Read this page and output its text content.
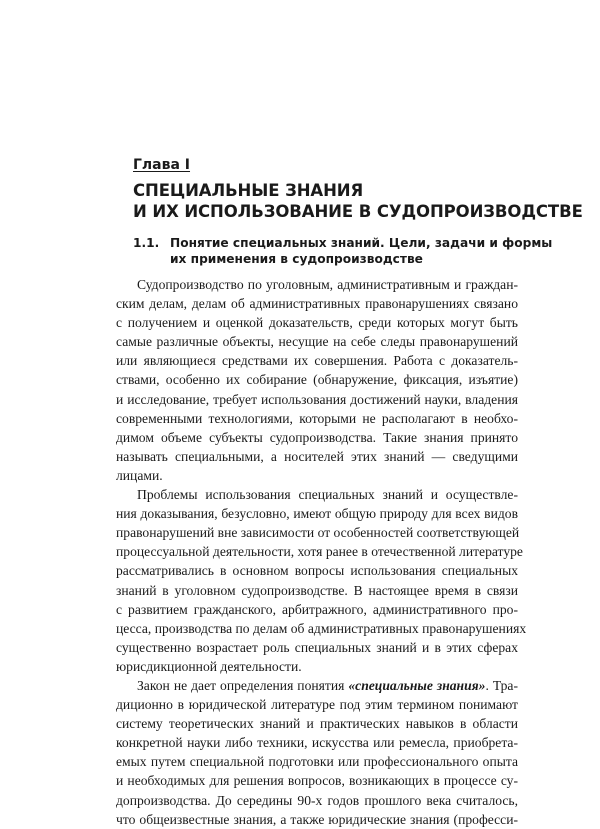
Глава I
СПЕЦИАЛЬНЫЕ ЗНАНИЯ
И ИХ ИСПОЛЬЗОВАНИЕ В СУДОПРОИЗВОДСТВЕ
1.1. Понятие специальных знаний. Цели, задачи и формы
их применения в судопроизводстве

Судопроизводство по уголовным, административным и граждан-
ским делам, делам об административных правонарушениях связано
с получением и оценкой доказательств, среди которых могут быть
самые различные объекты, несущие на себе следы правонарушений
или являющиеся средствами их совершения. Работа с доказатель-
ствами, особенно их собирание (обнаружение, фиксация, изъятие)
и исследование, требует использования достижений науки, владения
современными технологиями, которыми не располагают в необхо-
димом объеме субъекты судопроизводства. Такие знания принято
называть специальными, а носителей этих знаний — сведущими
лицами.

Проблемы использования специальных знаний и осуществле-
ния доказывания, безусловно, имеют общую природу для всех видов
правонарушений вне зависимости от особенностей соответствующей
процессуальной деятельности, хотя ранее в отечественной литературе
рассматривались в основном вопросы использования специальных
знаний в уголовном судопроизводстве. В настоящее время в связи
с развитием гражданского, арбитражного, административного про-
цесса, производства по делам об административных правонарушениях
существенно возрастает роль специальных знаний и в этих сферах
юрисдикционной деятельности.

Закон не дает определения понятия «специальные знания». Тра-
диционно в юридической литературе под этим термином понимают
систему теоретических знаний и практических навыков в области
конкретной науки либо техники, искусства или ремесла, приобрета-
емых путем специальной подготовки или профессионального опыта
и необходимых для решения вопросов, возникающих в процессе су-
допроизводства. До середины 90-х годов прошлого века считалось,
что общеизвестные знания, а также юридические знания (професси-
